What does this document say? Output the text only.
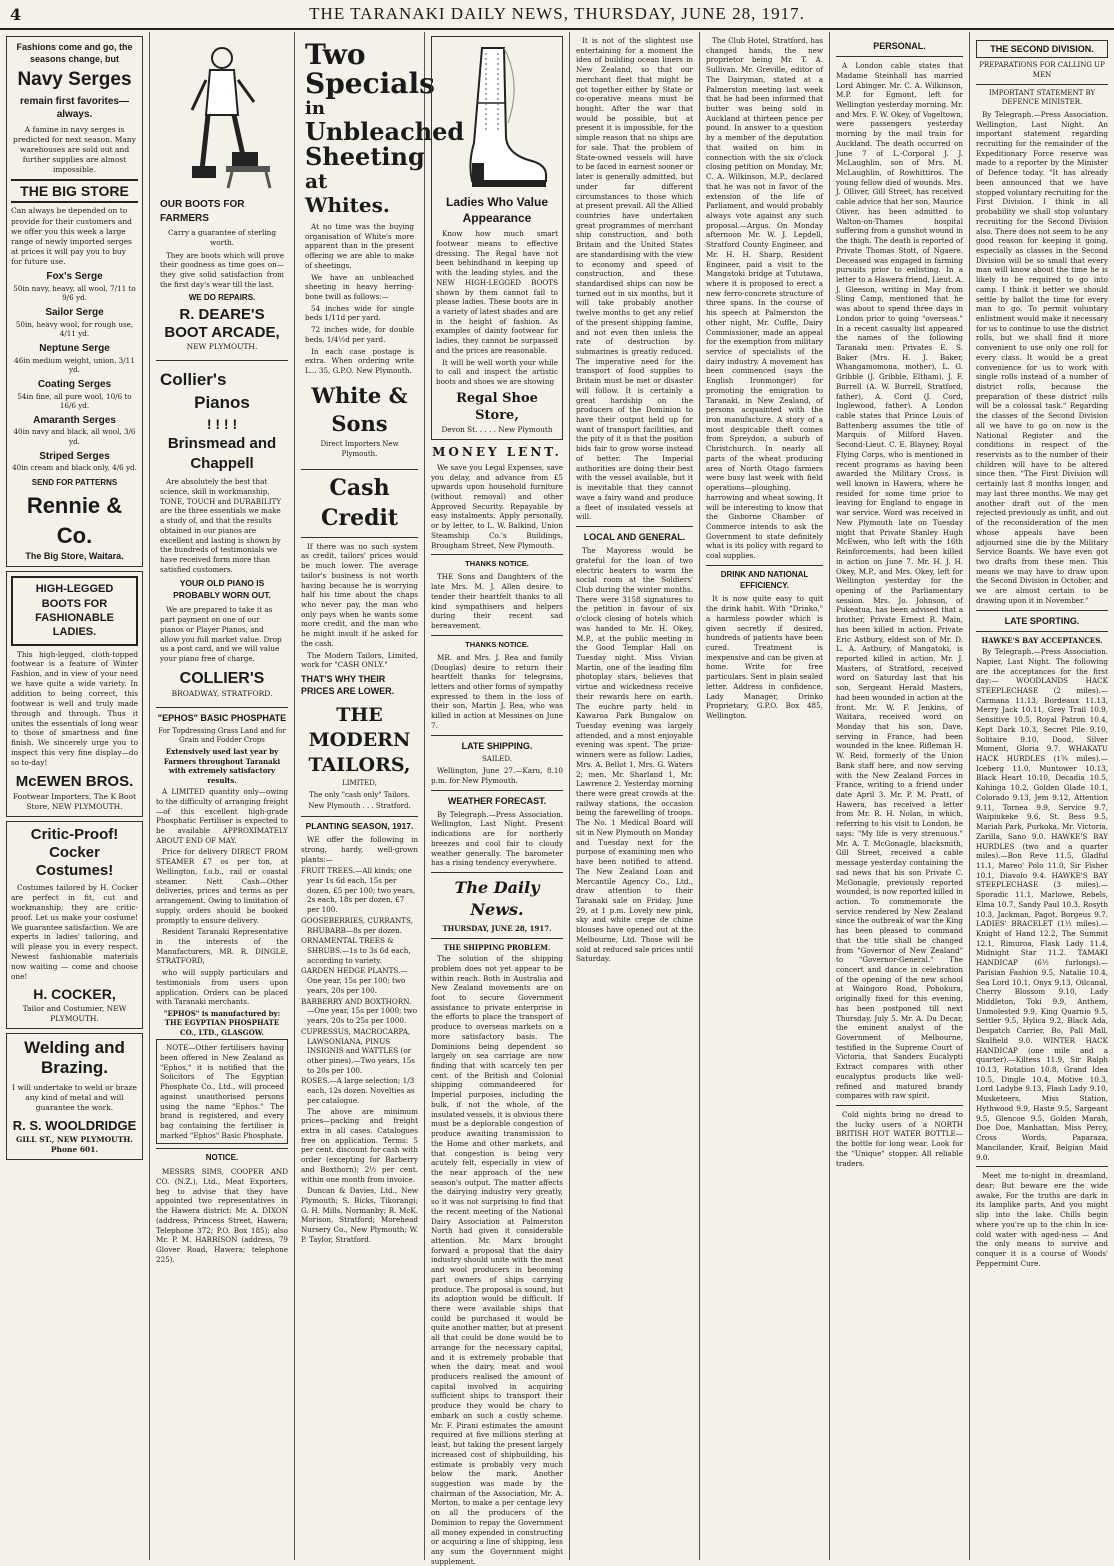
4	THE TARANAKI DAILY NEWS, THURSDAY, JUNE 28, 1917.
Fashions come and go, the seasons change, but
Navy Serges
remain first favorites— always.
A famine in navy serges is predicted for next season. Many warehouses are sold out and further supplies are almost impossible.
THE BIG STORE
Can always be depended on to provide for their customers and we offer you this week a large range of newly imported serges at prices it will pay you to buy for future use.
Fox's Serge
50in navy, heavy, all wool, 7/11 to 9/6 yd.
Sailor Serge
50in, heavy wool, for rough use, 4/11 yd.
Neptune Serge
46in medium weight, union, 3/11 yd.
Coating Serges
54in fine, all pure wool, 10/6 to 16/6 yd.
Amaranth Serges
40in navy and black, all wool, 3/6 yd.
Striped Serges
40in cream and black only, 4/6 yd.
SEND FOR PATTERNS
Rennie & Co.
The Big Store, Waitara.
HIGH-LEGGED BOOTS FOR FASHIONABLE LADIES.
This high-legged, cloth-topped footwear is a feature of Winter Fashion, and in view of your need we have quite a wide variety. In addition to being correct, this footwear is well and truly made through and through. Thus it unites the essentials of long wear to those of smartness and fine finish. We sincerely urge you to inspect this very fine display—do so to-day!
McEWEN BROS.
Footwear Importers, The K Boot Store, NEW PLYMOUTH.
Critic-Proof! Cocker Costumes!
Costumes tailored by H. Cocker are perfect in fit, cut and workmanship; they are critic-proof. Let us make your costume! We guarantee satisfaction. We are experts in ladies' tailoring, and will please you in every respect. Newest fashionable materials now waiting — come and choose one!
H. COCKER,
Tailor and Costumier, NEW PLYMOUTH.
Welding and Brazing.
I will undertake to weld or braze any kind of metal and will guarantee the work.
R. S. WOOLDRIDGE
GILL ST., NEW PLYMOUTH. Phone 601.
OUR BOOTS FOR FARMERS
Carry a guarantee of sterling worth.
They are boots which will prove their goodness as time goes on—they give solid satisfaction from the first day's wear till the last.
WE DO REPAIRS.
R. DEARE'S BOOT ARCADE,
NEW PLYMOUTH.
Collier's
Pianos
! ! ! !
Brinsmead and Chappell
Are absolutely the best that science, skill in workmanship, TONE, TOUCH and DURABILITY are the three essentials we make a study of, and that the results obtained in our pianos are excellent and lasting is shown by the hundreds of testimonials we have received form more than satisfied customers.
YOUR OLD PIANO IS PROBABLY WORN OUT.
We are prepared to take it as part payment on one of our pianos or Player Pianos, and allow you full market value. Drop us a post card, and we will value your piano free of charge.
COLLIER'S
BROADWAY, STRATFORD.
"EPHOS" BASIC PHOSPHATE
For Topdressing Grass Land and for Grain and Fodder Crops
Extensively used last year by Farmers throughout Taranaki with extremely satisfactory results.
A LIMITED quantity only—owing to the difficulty of arranging freight—of this excellent high-grade Phosphatic Fertiliser is expected to be available APPROXIMATELY ABOUT END OF MAY.
Price for delivery DIRECT FROM STEAMER £7 os per ton, at Wellington, f.o.b., rail or coastal steamer. Nett Cash—Other deliveries, prices and terms as per arrangement. Owing to limitation of supply, orders should be booked promptly to ensure delivery.
Resident Taranaki Representative in the interests of the Manufacturers, MR. R. DINGLE, STRATFORD,
who will supply particulars and testimonials from users upon application. Orders can be placed with Taranaki merchants.
"EPHOS" is manufactured by: THE EGYPTIAN PHOSPHATE CO., LTD., GLASGOW.
NOTE—Other fertilisers having been offered in New Zealand as "Ephos," it is notified that the Solicitors of The Egyptian Phosphate Co., Ltd., will proceed against unauthorised persons using the name "Ephos." The brand is registered, and every bag containing the fertiliser is marked "Ephos" Basic Phosphate.
NOTICE.
MESSRS SIMS, COOPER AND CO. (N.Z.), Ltd., Meat Exporters, beg to advise that they have appointed two representatives in the Hawera district: Mr. A. DIXON (address, Princess Street, Hawera; Telephone 372; P.O. Box 185); also Mr. P. M. HARRISON (address, 79 Glover Road, Hawera; telephone 225).
Two
Specials
in
Unbleached Sheeting
at Whites.
At no time was the buying organisation of White's more apparent than in the present offering we are able to make of sheetings.
We have an unbleached sheeting in heavy herring-bone twill as follows:—
54 inches wide for single beds 1/11d per yard.
72 inches wide, for double beds, 1/4½d per yard.
In each case postage is extra. When ordering write L... 35, G.P.O. New Plymouth.
White & Sons
Direct Importers New Plymouth.
Cash Credit
If there was no such system as credit, tailors' prices would be much lower. The average tailor's business is not worth having because he is worrying half his time about the chaps who never pay, the man who only pays when he wants some more credit, and the man who he might insult if he asked for the cash.
The Modern Tailors, Limited, work for "CASH ONLY."
THAT'S WHY THEIR PRICES ARE LOWER.
THE MODERN TAILORS,
LIMITED,
The only "cash only" Tailors.
New Plymouth . . . Stratford.
PLANTING SEASON, 1917.
WE offer the following in strong, hardy, well-grown plants:—
FRUIT TREES.—All kinds; one year 1s 6d each, 15s per dozen, £5 per 100; two years, 2s each, 18s per dozen, £7 per 100.
GOOSEBERRIES, CURRANTS, RHUBARB—8s per dozen.
ORNAMENTAL TREES & SHRUBS.—1s to 3s 6d each, according to variety.
GARDEN HEDGE PLANTS.—One year, 15s per 100; two years, 20s per 100.
BARBERRY AND BOXTHORN.—One year, 15s per 1000; two years, 20s to 25s per 1000.
CUPRESSUS, MACROCARPA, LAWSONIANA, PINUS INSIGNIS and WATTLES (or other pines).—Two years, 15s to 20s per 100.
ROSES.—A large selection; 1/3 each, 12s dozen. Novelties as per catalogue.
The above are minimum prices—packing and freight extra in all cases. Catalogues free on application. Terms: 5 per cent. discount for cash with order (excepting for Barberry and Boxthorn); 2½ per cent. within one month from invoice.
Duncan & Davies, Ltd., New Plymouth; S. Bicks, Tikorangi; G. H. Mills, Normanby; R. McK. Morison, Stratford; Morehead Nursery Co., New Plymouth; W. P. Taylor, Stratford.
Ladies Who Value Appearance
Know how much smart footwear means to effective dressing. The Regal have not been behindhand in keeping up with the leading styles, and the NEW HIGH-LEGGED BOOTS shown by them cannot fail to please ladies. These boots are in a variety of latest shades and are in the height of fashion. As examples of dainty footwear for ladies, they cannot be surpassed and the prices are reasonable.
It will be well worth your while to call and inspect the artistic boots and shoes we are showing
Regal Shoe Store,
Devon St. . . . . New Plymouth
MONEY LENT.
We save you Legal Expenses, save you delay, and advance from £5 upwards upon household furniture (without removal) and other Approved Security. Repayable by easy instalments. Apply personally, or by letter, to L. W. Balkind, Union Steamship Co.'s Buildings, Brougham Street, New Plymouth.
THANKS NOTICE.
THE Sons and Daughters of the late Mrs. M. J. Allen desire to tender their heartfelt thanks to all kind sympathisers and helpers during their recent sad bereavement.
THANKS NOTICE.
MR. and Mrs. J. Rea and family (Douglas) desire to return their heartfelt thanks for telegrams, letters and other forms of sympathy expressed to them in the loss of their son, Martin J. Rea, who was killed in action at Messines on June 7.
LATE SHIPPING.
SAILED.
Wellington, June 27.—Karu, 8.10 p.m. for New Plymouth.
WEATHER FORECAST.
By Telegraph.—Press Association. Wellington, Last Night. Present indications are for northerly breezes and cool fair to cloudy weather generally. The barometer has a rising tendency everywhere.
The Daily News.
THURSDAY, JUNE 28, 1917.
THE SHIPPING PROBLEM.
The solution of the shipping problem does not yet appear to be within reach. Both in Australia and New Zealand movements are on foot to secure Government assistance to private enterprise in the efforts to place the transport of produce to overseas markets on a more satisfactory basis. The Dominions being dependent so largely on sea carriage are now finding that with scarcely ten per cent. of the British and Colonial shipping commandeered for Imperial purposes, including the bulk, if not the whole, of the insulated vessels, it is obvious there must be a deplorable congestion of produce awaiting transmission to the Home and other markets, and that congestion is being very acutely felt, especially in view of the near approach of the new season's output. The matter affects the dairying industry very greatly, so it was not surprising to find that the recent meeting of the National Dairy Association at Palmerston North had given it considerable attention. Mr. Marx brought forward a proposal that the dairy industry should unite with the meat and wool producers in becoming part owners of ships carrying produce. The proposal is sound, but its adoption would be difficult. If there were available ships that could be purchased it would be quite another matter, but at present all that could be done would be to arrange for the necessary capital, and it is extremely probable that when the dairy, meat and wool producers realised the amount of capital involved in acquiring sufficient ships to transport their produce they would be chary to embark on such a costly scheme. Mr. F. Pirani estimates the amount required at five millions sterling at least, but taking the present largely increased cost of shipbuilding, his estimate is probably very much below the mark. Another suggestion was made by the chairman of the Association, Mr. A. Morton, to make a per centage levy on all the producers of the Dominion to repay the Government all money expended in constructing or acquiring a line of shipping, less any sum the Government might supplement.
It is not of the slightest use entertaining for a moment the idea of building ocean liners in New Zealand, so that our merchant fleet that might be got together either by State or co-operative means must be bought. After the war that would be possible, but at present it is impossible, for the simple reason that no ships are for sale. That the problem of State-owned vessels will have to be faced in earnest sooner or later is generally admitted, but under far different circumstances to those which at present prevail. All the Allied countries have undertaken great programmes of merchant ship construction, and both Britain and the United States are standardising with the view to economy and speed of construction, and these standardised ships can now be turned out in six months, but it will take probably another twelve months to get any relief of the present shipping famine, and not even then unless the rate of destruction by submarines is greatly reduced. The imperative need for the transport of food supplies to Britain must be met or disaster will follow. It is certainly a great hardship on the producers of the Dominion to have their output held up for want of transport facilities, and the pity of it is that the position bids fair to grow worse instead of better. The Imperial authorities are doing their best with the vessel available, but it is inevitable that they cannot wave a fairy wand and produce a fleet of insulated vessels at will.
LOCAL AND GENERAL.
The Mayoress would be grateful for the loan of two electric heaters to warm the social room at the Soldiers' Club during the winter months. There were 3158 signatures to the petition in favour of six o'clock closing of hotels which was handed to Mr. H. Okey, M.P., at the public meeting in the Good Templar Hall on Tuesday night. Miss Vivian Martin, one of the leading film photoplay stars, believes that virtue and wickedness receive their rewards here on earth. The euchre party held in Kawaroa Park Bungalow on Tuesday evening was largely attended, and a most enjoyable evening was spent. The prize-winners were as follow: Ladies, Mrs. A. Bellot 1, Mrs. G. Waters 2; men, Mr. Sharland 1, Mr. Lawrence 2. Yesterday morning there were great crowds at the railway stations, the occasion being the farewelling of troops. The No. 1 Medical Board will sit in New Plymouth on Monday and Tuesday next for the purpose of examining men who have been notified to attend. The New Zealand Loan and Mercantile Agency Co., Ltd., draw attention to their Taranaki sale on Friday, June 29, at 1 p.m. Lovely new pink, sky and white crepe de chine blouses have opened out at the Melbourne, Ltd. Those will be sold at reduced sale prices until Saturday.
The Club Hotel, Stratford, has changed hands, the new proprietor being Mr. T. A. Sullivan. Mr. Greville, editor of The Dairyman, stated at a Palmerston meeting last week that he had been informed that butter was being sold in Auckland at thirteen pence per pound. In answer to a question by a member of the deputation that waited on him in connection with the six o'clock closing petition on Monday, Mr. C. A. Wilkinson, M.P., declared that he was not in favor of the extension of the life of Parliament, and would probably always vote against any such proposal.—Argus. On Monday afternoon Mr. W. J. Lepdell, Stratford County Engineer, and Mr. H. H. Sharp, Resident Engineer, paid a visit to the Mangatoki bridge at Tututawa, where it is proposed to erect a new ferro-concrete structure of three spans. In the course of his speech at Palmerston the other night, Mr. Cuffle, Dairy Commissioner, made an appeal for the exemption from military service of specialists of the dairy industry. A movement has been commenced (says the English Ironmonger) for promoting the emigration to Taranaki, in New Zealand, of persons acquainted with the iron manufacture. A story of a most despicable theft comes from Spreydon, a suburb of Christchurch. In nearly all parts of the wheat producing area of North Otago farmers were busy last week with field operations—ploughing, harrowing and wheat sowing. It will be interesting to know that the Gisborne Chamber of Commerce intends to ask the Government to state definitely what is its policy with regard to coal supplies.
DRINK AND NATIONAL EFFICIENCY.
It is now quite easy to quit the drink habit. With "Drinko," a harmless powder which is given secretly if desired, hundreds of patients have been cured. Treatment is inexpensive and can be given at home. Write for free particulars. Sent in plain sealed letter. Address in confidence, Lady Manager, Drinko Proprietary, G.P.O. Box 485, Wellington.
PERSONAL.
A London cable states that Madame Steinhall has married Lord Abinger. Mr. C. A. Wilkinson, M.P. for Egmont, left for Wellington yesterday morning. Mr. and Mrs. F. W. Okey, of Vogeltown, were passengers yesterday morning by the mail train for Auckland. The death occurred on June 7 of L.-Corporal J. J. McLaughlin, son of Mrs. M. McLaughlin, of Rowhittiros. The young fellow died of wounds. Mrs. J. Olliver, Gill Street, has received cable advice that her son, Maurice Oliver, has been admitted to Walton-on-Thames hospital suffering from a gunshot wound in the thigh. The death is reported of Private Thomas Stott, of Ngaere. Deceased was engaged in farming pursuits prior to enlisting. In a letter to a Hawera friend, Lieut. A. J. Gleeson, writing in May from Sling Camp, mentioned that he was about to spend three days in London prior to going "overseas." In a recent casualty list appeared the names of the following Taranaki men: Privates E. S. Baker (Mrs. H. J. Baker, Whangamomona, mother), L. G. Gribble (J. Gribble, Eltham), J. F. Burrell (A. W. Burrell, Stratford, father), A. Cord (J. Cord, Inglewood, father). A London cable states that Prince Louis of Battenberg assumes the title of Marquis of Milford Haven. Second-Lieut. C. E. Blayney, Royal Flying Corps, who is mentioned in recent programs as having been awarded the Military Cross, is well known in Hawera, where he resided for some time prior to leaving for England to engage in war service. Word was received in New Plymouth late on Tuesday night that Private Stanley Hugh McEwen, who left with the 16th Reinforcements, had been killed in action on June 7. Mr. H. J. H. Okey, M.P., and Mrs. Okey, left for Wellington yesterday for the opening of the Parliamentary session. Mrs. Jo. Johnson, of Pukeatua, has been advised that a brother, Private Ernest R. Main, has been killed in action. Private Eric Astbury, eldest son of Mr. D. L. A. Astbury, of Mangatoki, is reported killed in action. Mr. J. Masters, of Stratford, received word on Saturday last that his son, Sergeant Herald Masters, had been wounded in action at the front. Mr. W. F. Jenkins, of Waitara, received word on Monday that his son, Dave, serving in France, had been wounded in the knee. Rifleman H. W. Reid, formerly of the Union Bank staff here, and now serving with the New Zealand Forces in France, writing to a friend under date April 3. Mr. P. M. Pratt, of Hawera, has received a letter from Mr. R. H. Nolan, in which, referring to his visit to London, he says: "My life is very strenuous." Mr. A. T. McGonagle, blacksmith, Gill Street, received a cable message yesterday containing the sad news that his son Private C. McGonagle, previously reported wounded, is now reported killed in action. To commemorate the service rendered by New Zealand since the outbreak of war the King has been pleased to command that the title shall be changed from "Governor of New Zealand" to "Governor-General." The concert and dance in celebration of the opening of the new school at Waingoro Road, Pohokura, originally fixed for this evening, has been postponed till next Thursday, July 5. Mr. A. Du Decar, the eminent analyst of the Government of Melbourne, testified in the Supreme Court of Victoria, that Sanders Eucalypti Extract compares with other eucalyptus products like well-refined and matured brandy compares with raw spirit.
Cold nights bring no dread to the lucky users of a NORTH BRITISH HOT WATER BOTTLE—the bottle for long wear. Look for the "Unique" stopper. All reliable traders.
THE SECOND DIVISION.
PREPARATIONS FOR CALLING UP MEN
IMPORTANT STATEMENT BY DEFENCE MINISTER.
By Telegraph.—Press Association. Wellington, Last Night. An important statement regarding recruiting for the remainder of the Expeditionary Force reserve was made to a reporter by the Minister of Defence today. "It has already been announced that we have stopped voluntary recruiting for the First Division. I think in all probability we shall stop voluntary recruiting for the Second Division also. There does not seem to be any good reason for keeping it going, especially as classes in the Second Division will be so small that every man will know about the time he is likely to be required to go into camp. I think it better we should settle by ballot the time for every man to go. To permit voluntary enlistment would make it necessary for us to continue to use the district rolls, but we shall find it more convenient to use only one roll for every class. It would be a great convenience for us to work with single rolls instead of a number of district rolls, because the preparation of these district rolls will be a colossal task." Regarding the classes of the Second Division all we have to go on now is the National Register and the conditions in respect of the reservists as to the number of their children will have to be altered since then. "The First Division will certainly last 8 months longer, and may last three months. We may get another draft out of the men rejected previously as unfit, and out of the reconsideration of the men whose appeals have been adjourned sine die by the Military Service Boards. We have even got two drafts from these men. This means we may have to draw upon the Second Division in October, and we are almost certain to be drawing upon it in November."
LATE SPORTING.
HAWKE'S BAY ACCEPTANCES.
By Telegraph.—Press Association. Napier, Last Night. The following are the acceptances for the first day:— WOODLANDS HACK STEEPLECHASE (2 miles).—Carmana 11.13, Bordeaux 11.13, Merry Jack 10.11, Grey Trail 10.9, Sensitive 10.5, Royal Patron 10.4, Kept Dark 10.3, Secret Pile 9.10, Solitaire 9.10, Dood, Silver Moment, Gloria 9.7. WHAKATU HACK HURDLES (1¾ miles).—Iceberg 11.0, Muntower 10.13, Black Heart 10.10, Decadia 10.5, Kohinga 10.2, Golden Glade 10.1, Colorado 9.13, Jem 9.12, Attention 9.11, Tornea 9.9, Service 9.7, Waipiukeke 9.6, St. Bess 9.5, Mariah Park, Purkoka, Mr. Victoria, Zarilla, Sano 9.0. HAWKE'S BAY HURDLES (two and a quarter miles).—Bon Reve 11.5, Gladful 11.1, Mareo' Polo 11.0, Sir Fisher 10.1, Diavolo 9.4. HAWKE'S BAY STEEPLECHASE (3 miles).—Sporadic 11.1, Marlowe, Rebels, Elma 10.7, Sandy Paul 10.3, Rosyth 10.3, Jackman, Pagot, Borgeus 9.7. LADIES' BRACELET (1½ miles).—Knight of Hand 12.2, The Summit 12.1, Rimuroa, Flask Lady 11.4, Midnight Star 11.2. TAMAKI HANDICAP (6½ furlongs).—Parisian Fashion 9.5, Natalie 10.4, Sea Lord 10.1, Onyx 9.13, Oilcanal, Cherry Blossom 9.10, Lady Middleton, Toki 9.9, Anthem, Unmolested 9.9, King Quarnio 9.5, Settler 9.5, Hylica 9.2, Black Ada, Despatch Carrier, Bo, Pall Mall, Skulfield 9.0. WINTER HACK HANDICAP (one mile and a quarter).—Kiltess 11.9, Sir Ralph 10.13, Rotation 10.8, Grand Idea 10.5, Dingle 10.4, Motive 10.3, Lord Ladybe 9.13, Flash Lady 9.10, Musketeers, Miss Station, Hythwood 9.9, Haste 9.5, Sargeant 9.5, Glencoe 9.5, Golden Marah, Doe Doe, Manhattan, Miss Percy, Cross Words, Paparaza, Mancilander, Kraif, Belgian Maid 9.0.
Meet me to-night in dreamland, dear; But beware ere the wide awake, For the truths are dark in its lamplike parts, And you might slip into the lake. Chills begin where you're up to the chin In ice-cold water with aged-ness — And the only means to survive and conquer it is a course of Woods' Peppermint Cure.
